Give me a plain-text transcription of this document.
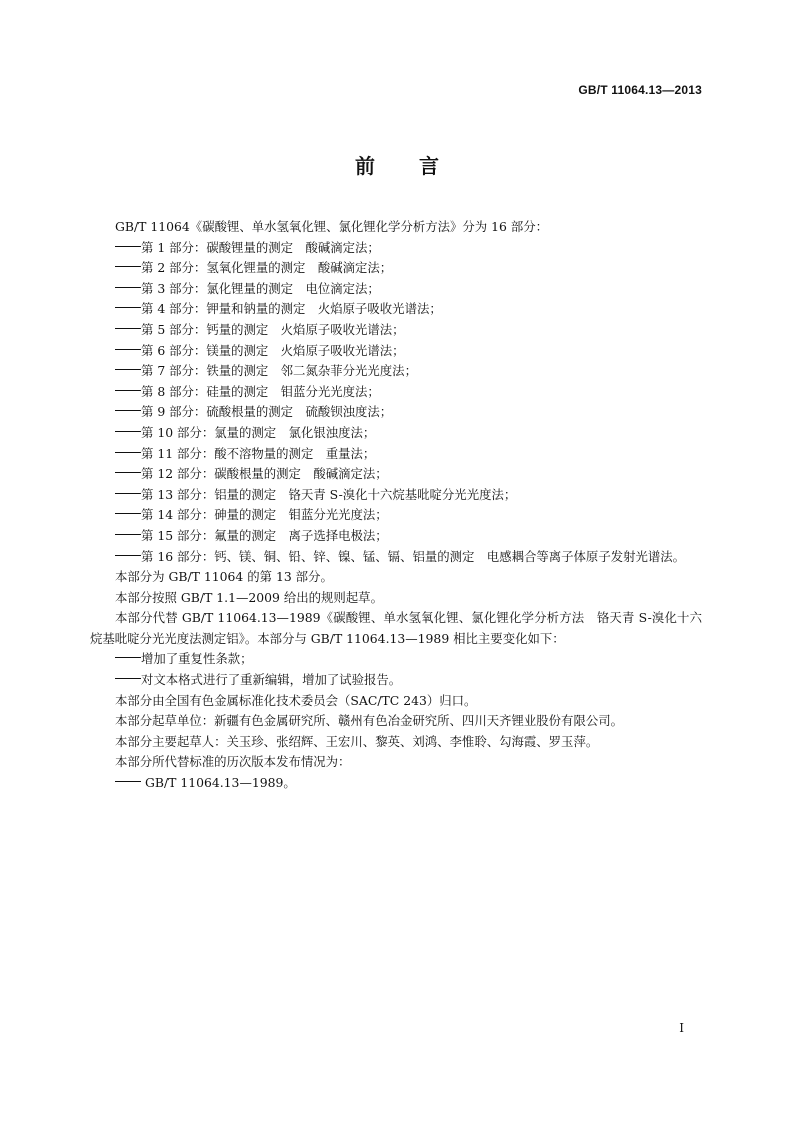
GB/T 11064.13—2013
前言

GB/T 11064《碳酸锂、单水氢氧化锂、氯化锂化学分析方法》分为 16 部分：

第 1 部分：碳酸锂量的测定　酸碱滴定法；

第 2 部分：氢氧化锂量的测定　酸碱滴定法；

第 3 部分：氯化锂量的测定　电位滴定法；

第 4 部分：钾量和钠量的测定　火焰原子吸收光谱法；

第 5 部分：钙量的测定　火焰原子吸收光谱法；

第 6 部分：镁量的测定　火焰原子吸收光谱法；

第 7 部分：铁量的测定　邻二氮杂菲分光光度法；

第 8 部分：硅量的测定　钼蓝分光光度法；

第 9 部分：硫酸根量的测定　硫酸钡浊度法；

第 10 部分：氯量的测定　氯化银浊度法；

第 11 部分：酸不溶物量的测定　重量法；

第 12 部分：碳酸根量的测定　酸碱滴定法；

第 13 部分：铝量的测定　铬天青 S-溴化十六烷基吡啶分光光度法；

第 14 部分：砷量的测定　钼蓝分光光度法；

第 15 部分：氟量的测定　离子选择电极法；

第 16 部分：钙、镁、铜、铅、锌、镍、锰、镉、铝量的测定　电感耦合等离子体原子发射光谱法。

本部分为 GB/T 11064 的第 13 部分。

本部分按照 GB/T 1.1—2009 给出的规则起草。

本部分代替 GB/T 11064.13—1989《碳酸锂、单水氢氧化锂、氯化锂化学分析方法　铬天青 S-溴化十六烷基吡啶分光光度法测定铝》。本部分与 GB/T 11064.13—1989 相比主要变化如下：

增加了重复性条款；

对文本格式进行了重新编辑，增加了试验报告。

本部分由全国有色金属标准化技术委员会（SAC/TC 243）归口。

本部分起草单位：新疆有色金属研究所、赣州有色冶金研究所、四川天齐锂业股份有限公司。

本部分主要起草人：关玉珍、张绍辉、王宏川、黎英、刘鸿、李惟聆、勾海霞、罗玉萍。

本部分所代替标准的历次版本发布情况为：

GB/T 11064.13—1989。

I
